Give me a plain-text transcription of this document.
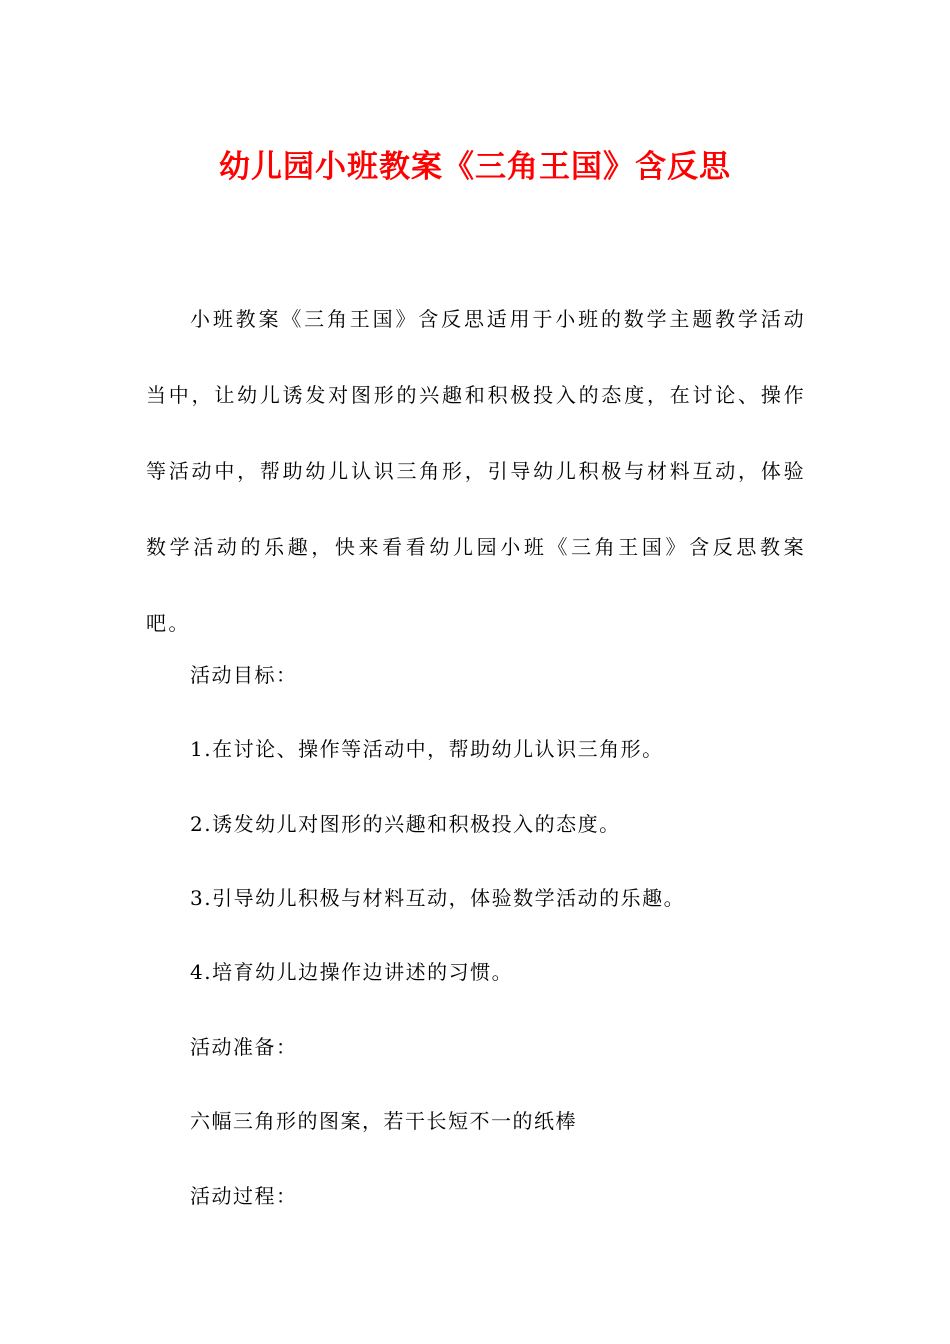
幼儿园小班教案《三角王国》含反思

小班教案《三角王国》含反思适用于小班的数学主题教学活动当中，让幼儿诱发对图形的兴趣和积极投入的态度，在讨论、操作等活动中，帮助幼儿认识三角形，引导幼儿积极与材料互动，体验数学活动的乐趣，快来看看幼儿园小班《三角王国》含反思教案吧。

活动目标：

1.在讨论、操作等活动中，帮助幼儿认识三角形。

2.诱发幼儿对图形的兴趣和积极投入的态度。

3.引导幼儿积极与材料互动，体验数学活动的乐趣。

4.培育幼儿边操作边讲述的习惯。

活动准备：

六幅三角形的图案，若干长短不一的纸棒

活动过程：
